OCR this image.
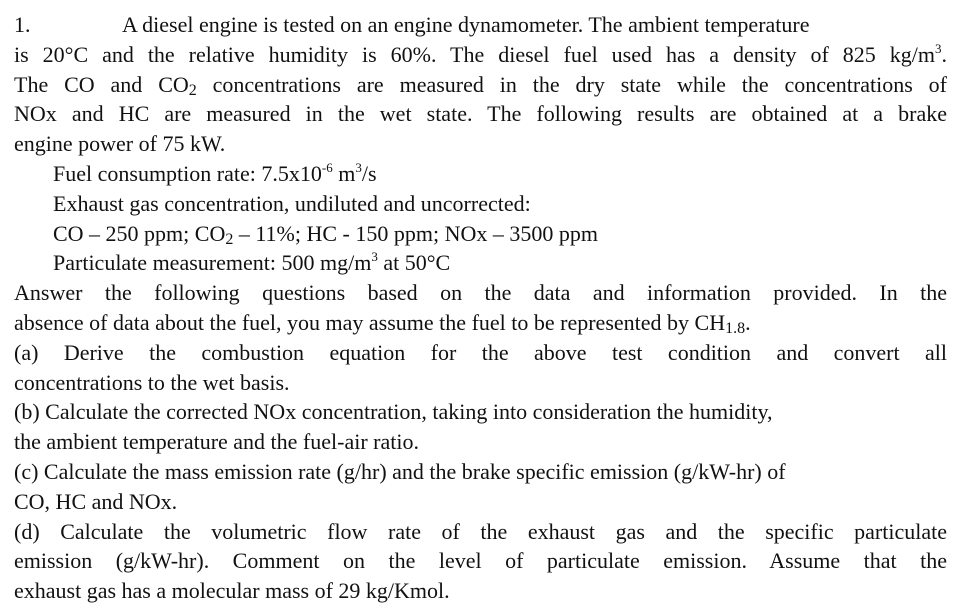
1.	A diesel engine is tested on an engine dynamometer. The ambient temperature
is 20°C and the relative humidity is 60%. The diesel fuel used has a density of 825 $kg/m^3$.
The CO and $CO_2$ concentrations are measured in the dry state while the concentrations of
NOx and HC are measured in the wet state. The following results are obtained at a brake
engine power of 75 kW.
Fuel consumption rate: $7.5x10^{-6}$ $m^3/s$
Exhaust gas concentration, undiluted and uncorrected:
CO – 250 ppm; $CO_2 - 11\%$; HC - 150 ppm; NOx – 3500 ppm
Particulate measurement: 500 $mg/m^3$ at 50°C
Answer the following questions based on the data and information provided. In the
absence of data about the fuel, you may assume the fuel to be represented by $CH_{1.8}$.
(a) Derive the combustion equation for the above test condition and convert all
concentrations to the wet basis.
(b) Calculate the corrected NOx concentration, taking into consideration the humidity,
the ambient temperature and the fuel-air ratio.
(c) Calculate the mass emission rate (g/hr) and the brake specific emission (g/kW-hr) of
CO, HC and NOx.
(d) Calculate the volumetric flow rate of the exhaust gas and the specific particulate
emission (g/kW-hr). Comment on the level of particulate emission. Assume that the
exhaust gas has a molecular mass of 29 kg/Kmol.
